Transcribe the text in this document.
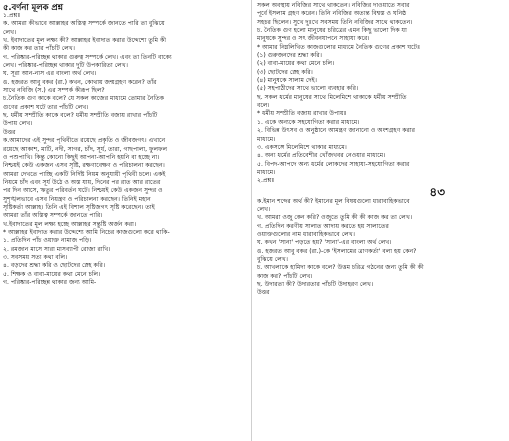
৫.বর্ণনা মূলক প্রশ্ন

১.প্রশ্নঃ

ক. আমরা কীভাবে আল্লাহর অস্তিত্ব সম্পর্কে জানতে পারি তা বুঝিয়ে

লেখ।

খ. ইবাদাতের মূল লক্ষ্য কী? আল্লাহর ইবাদাত করার উদ্দেশ্যে তুমি কী

কী কাজ কর তার পাঁচটি লেখ।

গ. পরিষ্কার-পরিচ্ছন্ন থাকার গুরুত্ব সম্পর্কে লেখ। এবং তা তিনটি বাক্যে

লেখ। পরিষ্কার-পরিচ্ছন্ন থাকার দুটি উপকারিতা লেখ।

ঘ. সূরা আন-নাস এর বাংলা অর্থ লেখ।

ঙ. হজরত আবু বকর (রা.) কখন, কোথায় জন্মগ্রহণ করেন? তাঁর

সাথে নবিজি (স.) এর সম্পর্ক কীরূপ ছিল?

চ.নৈতিক গুণ কাকে বলে? যে সকল কাজের মাধ্যমে তোমার নৈতিক

গুণের প্রকাশ ঘটে তার পাঁচটি লেখ।

ছ. ধর্মীয় সম্প্রীতি কাকে বলে? ধর্মীয় সম্প্রীতি বজায় রাখার পাঁচটি

উপায় লেখ।

উত্তর

ক.আমাদের এই সুন্দর পৃথিবীতে রয়েছে প্রকৃতি ও জীবজগৎ। এখানে

রয়েছে আকাশ, মাটি, নদী, সাগর, চাঁদ, সূর্য, তারা, গাছপালা, ফুলফল

ও পশুপাখি। কিন্তু কোনো কিছুই আপনা-আপনি হয়নি বা হচ্ছে না।

নিশ্চয়ই কেউ একজন এসব সৃষ্টি, রক্ষণাবেক্ষণ ও পরিচালনা করছেন।

আমরা দেখতে পাচ্ছি একটি নির্দিষ্ট নিয়ম অনুযায়ী পৃথিবী চলে। একই

নিয়মে চাঁদ এবং সূর্য উঠে ও অস্ত যায়, দিনের পর রাত আর রাতের

পর দিন আসে, ঋতুর পরিবর্তন ঘটে। নিশ্চয়ই কেউ একজন সুন্দর ও

সুশৃঙ্খলভাবে এসব নিয়ন্ত্রণ ও পরিচালনা করছেন। তিনিই মহান

সৃষ্টিকর্তা আল্লাহ। তিনি এই বিশাল সৃষ্টিজগৎ সৃষ্টি করেছেন। তাই

আমরা তাঁর অস্তিত্ব সম্পর্কে জানতে পারি।

খ.ইবাদাতের মূল লক্ষ্য হচ্ছে আল্লাহর সন্তুষ্টি অর্জন করা।

* আল্লাহর ইবাদাত করার উদ্দেশ্যে আমি নিচের কাজগুলো করে থাকি-

১. প্রতিদিন পাঁচ ওয়াক্ত নামাজ পড়ি।

২. রমজান মাসে সারা মাসব্যাপী রোজা রাখি।

৩. সবসময় সত্য কথা বলি।

৪. বড়দের শ্রদ্ধা করি ও ছোটদের স্নেহ করি।

৫. শিক্ষক ও বাবা-মায়ের কথা মেনে চলি।

গ. পরিষ্কার-পরিচ্ছন্ন থাকার জন্য আমি-

সকল অবস্থায় নবিজির সাথে থাকতেন। নবিজির দাওয়াতে সবার

পূর্বে ইসলাম গ্রহণ করেন। তিনি নবিজির অত্যন্ত বিশ্বস্ত ও ঘনিষ্ঠ

সহচর ছিলেন। সুখে দুঃখে সবসময় তিনি নবিজির সাথে থাকতেন।

চ. নৈতিক গুণ হলো মানুষের চরিত্রের এমন কিছু ভালো দিক যা

মানুষকে সুন্দর ও সৎ জীবনযাপনে সাহায্য করে।

* আমার নিম্নলিখিত কাজগুলোর মাধ্যমে নৈতিক গুণের প্রকাশ ঘটেঃ

(১) গুরুজনদের শ্রদ্ধা করি।

(২) বাবা-মায়ের কথা মেনে চলি।

(৩) ছোটদের স্নেহ করি।

(৪) মানুষকে সালাম দেই।

(৫) সহপাঠীদের সাথে ভালো ব্যবহার করি।

ছ. সকল ধর্মের মানুষের সাথে মিলেমিশে থাকাকে ধর্মীয় সম্প্রীতি

বলে।

* ধর্মীয় সম্প্রীতি বজায় রাখার উপায়ঃ

১. একে অন্যকে সহযোগিতা করার মাধ্যমে।

২. বিভিন্ন উৎসব ও অনুষ্ঠানে আমন্ত্রণ জানানো ও অংশগ্রহণ করার

মাধ্যমে।

৩. একসঙ্গে মিলেমিশে থাকার মাধ্যমে।

৪. অন্য ধর্মের প্রতিবেশীর খোঁজখবর নেওয়ার মাধ্যমে।

৫. বিপদ-আপদে অন্য ধর্মের লোকদের সাহায্য-সহযোগিতা করার

মাধ্যমে।

২.প্রশ্নঃ

৪৩

ক.ইমান শব্দের অর্থ কী? ইমানের মূল বিষয়গুলো ধারাবাহিকভাবে

লেখ।

খ. আমরা ওজু কেন করি? ওজুতে তুমি কী কী কাজ কর তা লেখ।

গ. প্রতিদিন করণীয় সালাত আদায় করতে হয় সালাতের

ওয়াক্তগুলোর নাম ধারাবাহিকভাবে লেখ।

ঘ. কখন 'সানা' পড়তে হয়? 'সানা'-এর বাংলা অর্থ লেখ।

ঙ. হজরত আবু বকর (রা.)-কে 'ইসলামের ত্রাণকর্তা' বলা হয় কেন?

বুঝিয়ে লেখ।

চ. আখলাকে হামিদা কাকে বলে? উত্তম চরিত্র গঠনের জন্য তুমি কী কী

কাজ কর? পাঁচটি লেখ।

ছ. উদারতা কী? উদারতার পাঁচটি উদাহরণ লেখ।

উত্তর
